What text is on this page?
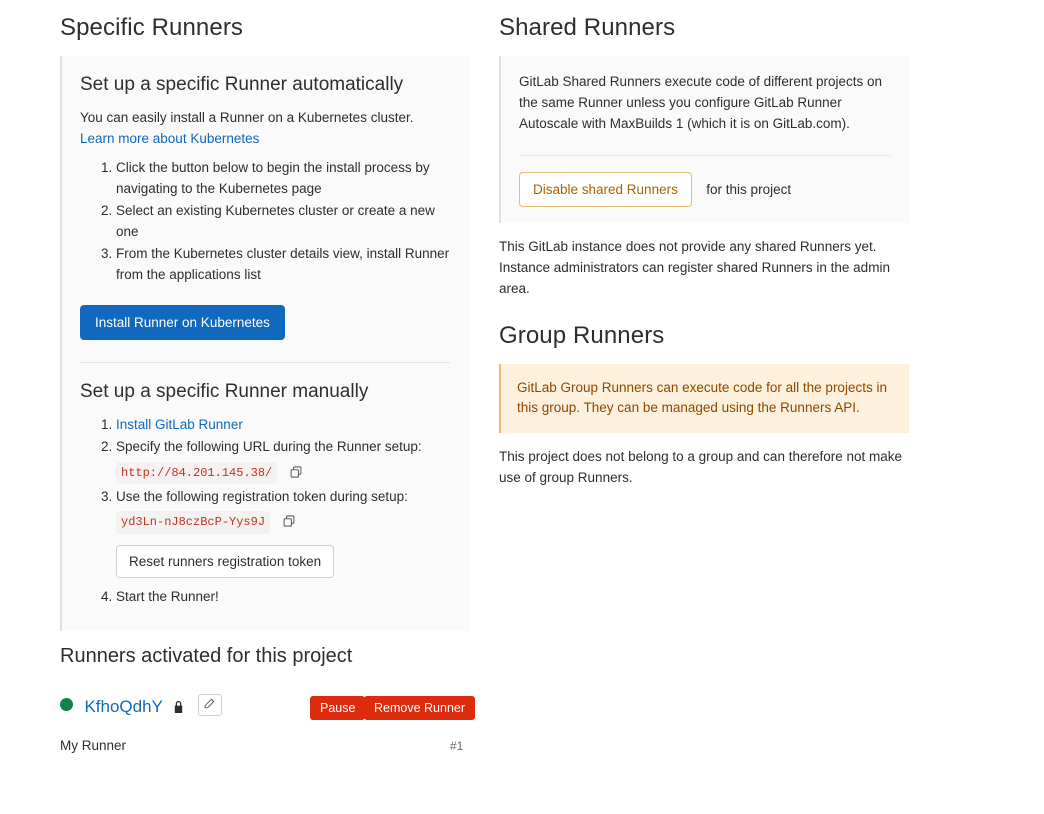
Specific Runners
Set up a specific Runner automatically

You can easily install a Runner on a Kubernetes cluster.

Learn more about Kubernetes
1. Click the button below to begin the install process by navigating to the Kubernetes page
2. Select an existing Kubernetes cluster or create a new one
3. From the Kubernetes cluster details view, install Runner from the applications list
Install Runner on Kubernetes
Set up a specific Runner manually
1. Install GitLab Runner
2. Specify the following URL during the Runner setup:
http://84.201.145.38/
3. Use the following registration token during setup:
yd3Ln-nJ8czBcP-Yys9J
Reset runners registration token
4. Start the Runner!
Shared Runners

GitLab Shared Runners execute code of different projects on the same Runner unless you configure GitLab Runner Autoscale with MaxBuilds 1 (which it is on GitLab.com).

Disable shared Runners for this project

This GitLab instance does not provide any shared Runners yet. Instance administrators can register shared Runners in the admin area.

Group Runners
GitLab Group Runners can execute code for all the projects in this group. They can be managed using the Runners API.

This project does not belong to a group and can therefore not make use of group Runners.

Runners activated for this project
KfhoQdhY	Pause	Remove Runner
My Runner	#1
